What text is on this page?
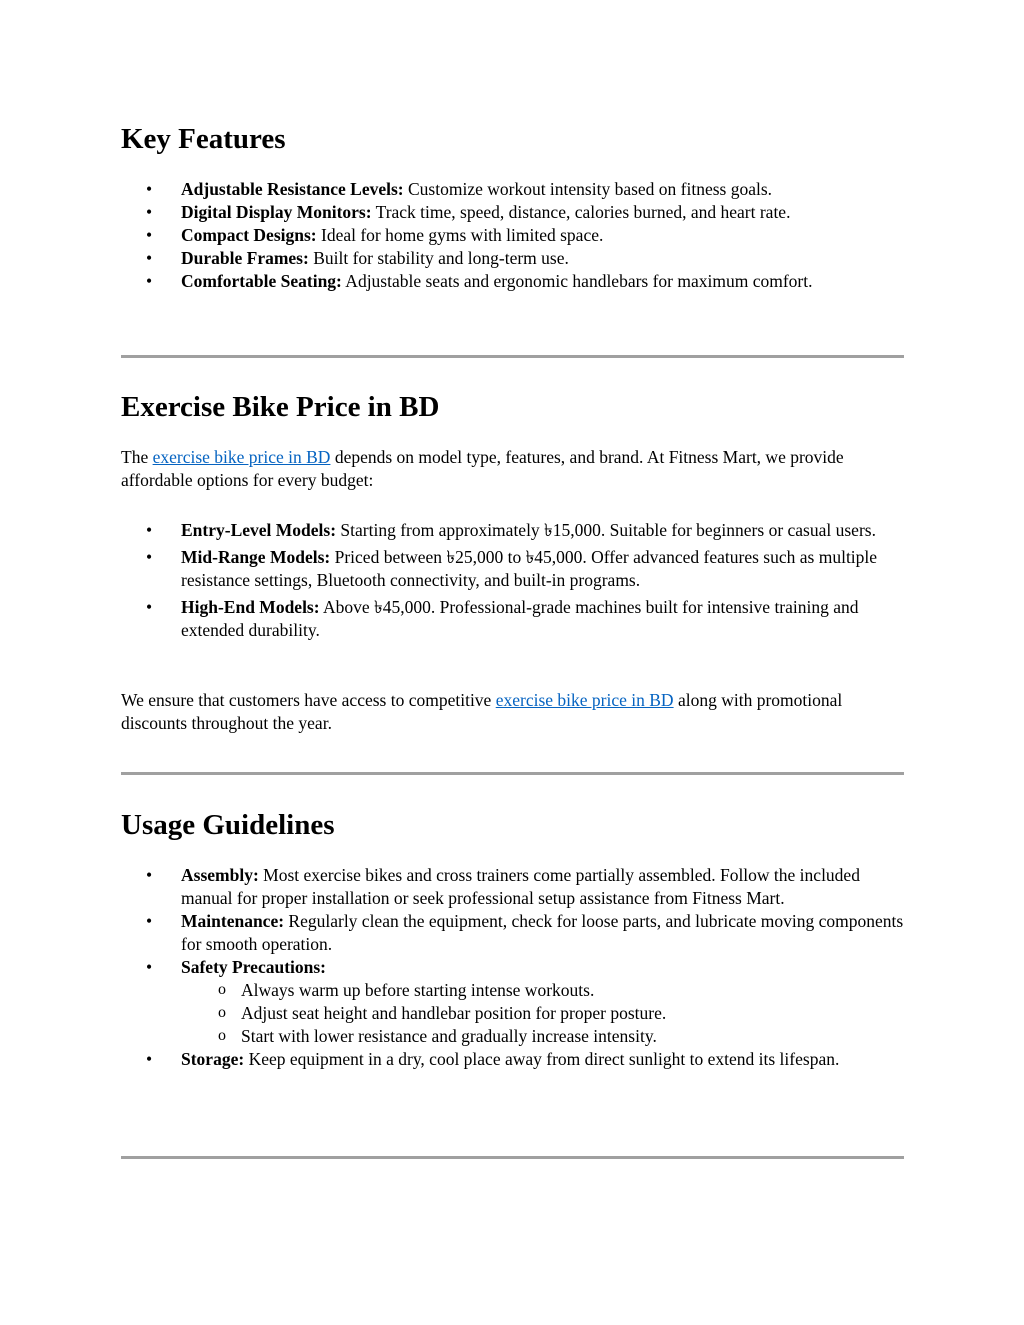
Key Features
• Adjustable Resistance Levels: Customize workout intensity based on fitness goals.
• Digital Display Monitors: Track time, speed, distance, calories burned, and heart rate.
• Compact Designs: Ideal for home gyms with limited space.
• Durable Frames: Built for stability and long-term use.
• Comfortable Seating: Adjustable seats and ergonomic handlebars for maximum comfort.
Exercise Bike Price in BD

The exercise bike price in BD depends on model type, features, and brand. At Fitness Mart, we provide affordable options for every budget:

• Entry-Level Models: Starting from approximately ৳15,000. Suitable for beginners or casual users.
• Mid-Range Models: Priced between ৳25,000 to ৳45,000. Offer advanced features such as multiple resistance settings, Bluetooth connectivity, and built-in programs.
• High-End Models: Above ৳45,000. Professional-grade machines built for intensive training and extended durability.

We ensure that customers have access to competitive exercise bike price in BD along with promotional discounts throughout the year.

Usage Guidelines
• Assembly: Most exercise bikes and cross trainers come partially assembled. Follow the included manual for proper installation or seek professional setup assistance from Fitness Mart.
• Maintenance: Regularly clean the equipment, check for loose parts, and lubricate moving components for smooth operation.
• Safety Precautions:
o Always warm up before starting intense workouts.
o Adjust seat height and handlebar position for proper posture.
o Start with lower resistance and gradually increase intensity.
• Storage: Keep equipment in a dry, cool place away from direct sunlight to extend its lifespan.
